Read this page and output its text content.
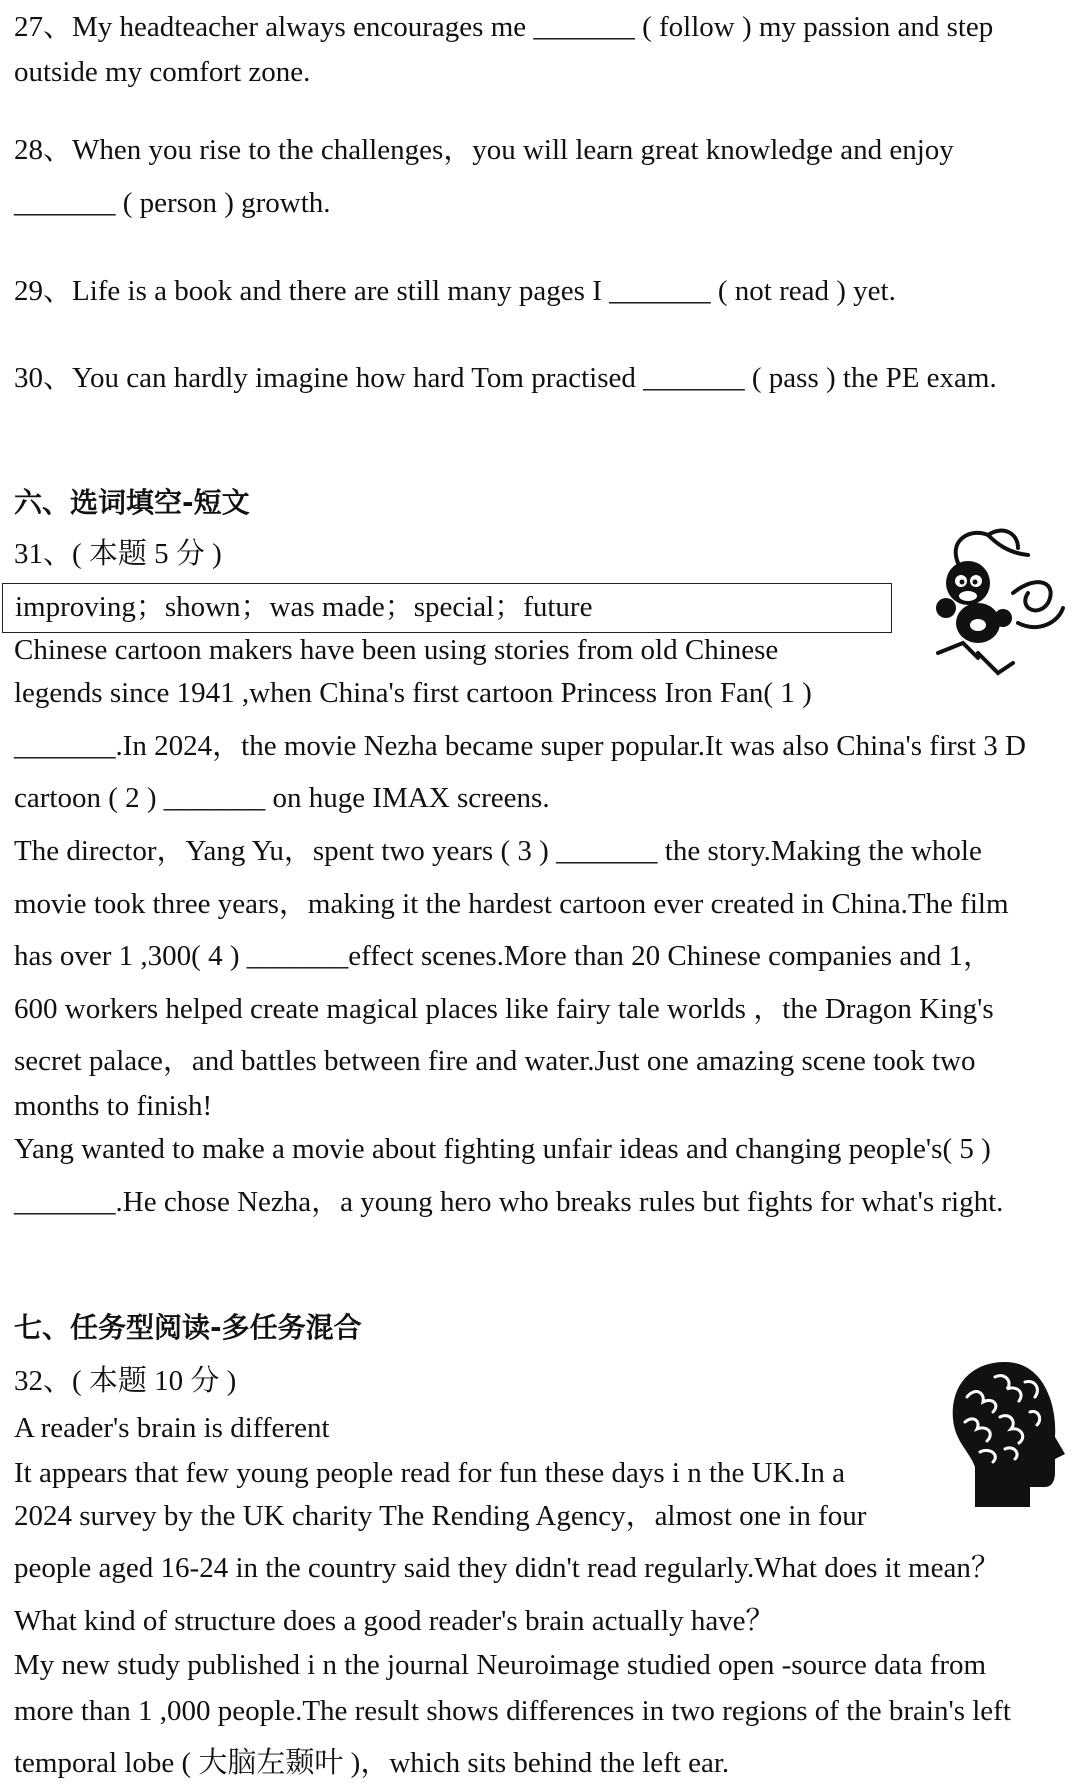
27、My headteacher always encourages me _______ ( follow ) my passion and step
outside my comfort zone.
28、When you rise to the challenges，you will learn great knowledge and enjoy
_______ ( person ) growth.
29、Life is a book and there are still many pages I _______ ( not read ) yet.
30、You can hardly imagine how hard Tom practised _______ ( pass ) the PE exam.
六、选词填空-短文
31、( 本题 5 分 )
improving；shown；was made；special；future
Chinese cartoon makers have been using stories from old Chinese
legends since 1941 ,when China's first cartoon Princess Iron Fan( 1 )
_______.In 2024，the movie Nezha became super popular.It was also China's first 3 D
cartoon ( 2 ) _______ on huge IMAX screens.
The director，Yang Yu，spent two years ( 3 ) _______ the story.Making the whole
movie took three years，making it the hardest cartoon ever created in China.The film
has over 1 ,300( 4 ) _______effect scenes.More than 20 Chinese companies and 1，
600 workers helped create magical places like fairy tale worlds ，the Dragon King's
secret palace，and battles between fire and water.Just one amazing scene took two
months to finish!
Yang wanted to make a movie about fighting unfair ideas and changing people's( 5 )
_______.He chose Nezha，a young hero who breaks rules but fights for what's right.
七、任务型阅读-多任务混合
32、( 本题 10 分 )
A reader's brain is different
It appears that few young people read for fun these days i n the UK.In a
2024 survey by the UK charity The Rending Agency，almost one in four
people aged 16-24 in the country said they didn't read regularly.What does it mean？
What kind of structure does a good reader's brain actually have？
My new study published i n the journal Neuroimage studied open -source data from
more than 1 ,000 people.The result shows differences in two regions of the brain's left
temporal lobe ( 大脑左颞叶 )，which sits behind the left ear.
